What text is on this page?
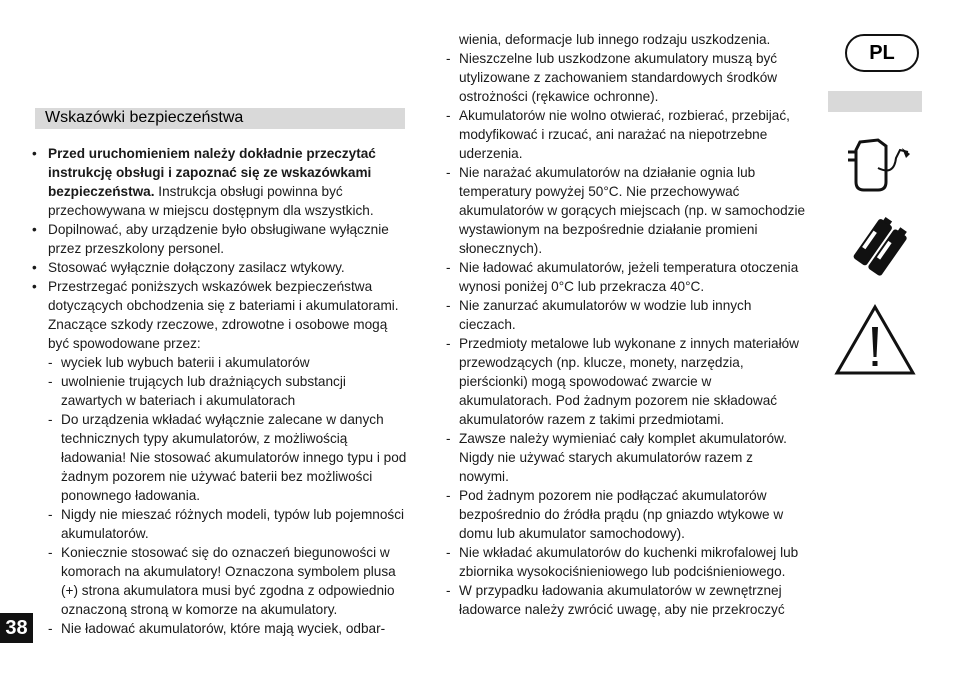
Wskazówki bezpieczeństwa
• Przed uruchomieniem należy dokładnie przeczytać instrukcję obsługi i zapoznać się ze wskazówkami bezpieczeństwa. Instrukcja obsługi powinna być przechowywana w miejscu dostępnym dla wszystkich.
• Dopilnować, aby urządzenie było obsługiwane wyłącznie przez przeszkolony personel.
• Stosować wyłącznie dołączony zasilacz wtykowy.
• Przestrzegać poniższych wskazówek bezpieczeństwa dotyczących obchodzenia się z bateriami i akumulatorami. Znaczące szkody rzeczowe, zdrowotne i osobowe mogą być spowodowane przez:
- wyciek lub wybuch baterii i akumulatorów
- uwolnienie trujących lub drażniących substancji zawartych w bateriach i akumulatorach
- Do urządzenia wkładać wyłącznie zalecane w danych technicznych typy akumulatorów, z możliwością ładowania! Nie stosować akumulatorów innego typu i pod żadnym pozorem nie używać baterii bez możliwości ponownego ładowania.
- Nigdy nie mieszać różnych modeli, typów lub pojemności akumulatorów.
- Koniecznie stosować się do oznaczeń biegunowości w komorach na akumulatory! Oznaczona symbolem plusa (+) strona akumulatora musi być zgodna z odpowiednio oznaczoną stroną w komorze na akumulatory.
- Nie ładować akumulatorów, które mają wyciek, odbar-
wienia, deformacje lub innego rodzaju uszkodzenia.
- Nieszczelne lub uszkodzone akumulatory muszą być utylizowane z zachowaniem standardowych środków ostrożności (rękawice ochronne).
- Akumulatorów nie wolno otwierać, rozbierać, przebijać, modyfikować i rzucać, ani narażać na niepotrzebne uderzenia.
- Nie narażać akumulatorów na działanie ognia lub temperatury powyżej 50°C. Nie przechowywać akumulatorów w gorących miejscach (np. w samochodzie wystawionym na bezpośrednie działanie promieni słonecznych).
- Nie ładować akumulatorów, jeżeli temperatura otoczenia wynosi poniżej 0°C lub przekracza 40°C.
- Nie zanurzać akumulatorów w wodzie lub innych cieczach.
- Przedmioty metalowe lub wykonane z innych materiałów przewodzących (np. klucze, monety, narzędzia, pierścionki) mogą spowodować zwarcie w akumulatorach. Pod żadnym pozorem nie składować akumulatorów razem z takimi przedmiotami.
- Zawsze należy wymieniać cały komplet akumulatorów. Nigdy nie używać starych akumulatorów razem z nowymi.
- Pod żadnym pozorem nie podłączać akumulatorów bezpośrednio do źródła prądu (np gniazdo wtykowe w domu lub akumulator samochodowy).
- Nie wkładać akumulatorów do kuchenki mikrofalowej lub zbiornika wysokociśnieniowego lub podciśnieniowego.
- W przypadku ładowania akumulatorów w zewnętrznej ładowarce należy zwrócić uwagę, aby nie przekroczyć
PL
38
